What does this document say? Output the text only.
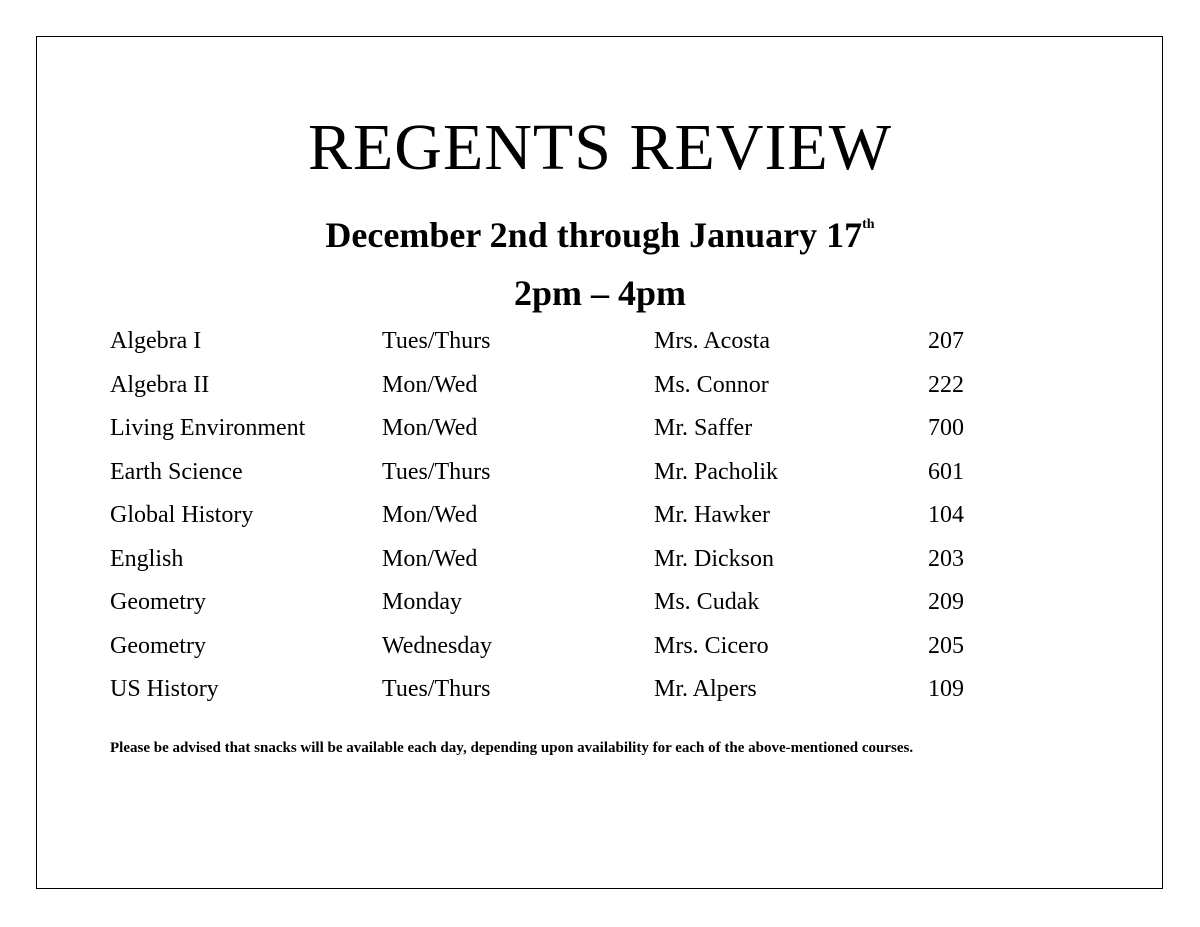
REGENTS REVIEW
December 2nd through January 17th
2pm – 4pm
Algebra I	Tues/Thurs	Mrs. Acosta	207
Algebra II	Mon/Wed	Ms. Connor	222
Living Environment	Mon/Wed	Mr. Saffer	700
Earth Science	Tues/Thurs	Mr. Pacholik	601
Global History	Mon/Wed	Mr. Hawker	104
English	Mon/Wed	Mr. Dickson	203
Geometry	Monday	Ms. Cudak	209
Geometry	Wednesday	Mrs. Cicero	205
US History	Tues/Thurs	Mr. Alpers	109
Please be advised that snacks will be available each day, depending upon availability for each of the above-mentioned courses.
